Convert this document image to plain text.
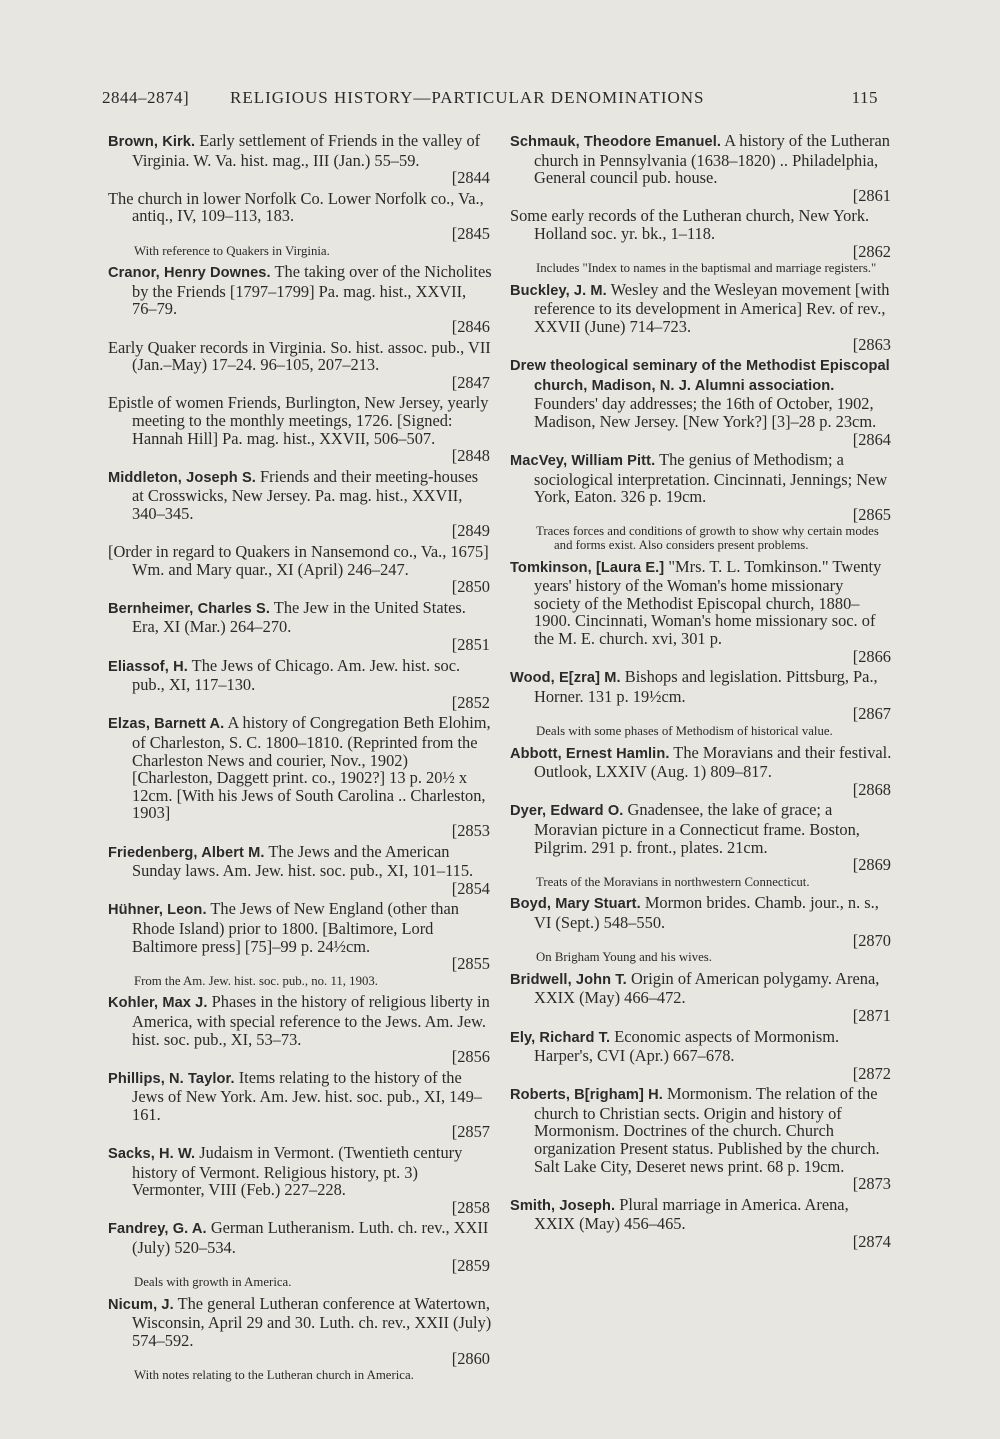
2844–2874] RELIGIOUS HISTORY—PARTICULAR DENOMINATIONS	115
Brown, Kirk. Early settlement of Friends in the valley of Virginia. W. Va. hist. mag., III (Jan.) 55–59.
[2844
The church in lower Norfolk Co. Lower Norfolk co., Va., antiq., IV, 109–113, 183.
[2845
With reference to Quakers in Virginia.
Cranor, Henry Downes. The taking over of the Nicholites by the Friends [1797–1799] Pa. mag. hist., XXVII, 76–79.
[2846
Early Quaker records in Virginia. So. hist. assoc. pub., VII (Jan.–May) 17–24. 96–105, 207–213.
[2847
Epistle of women Friends, Burlington, New Jersey, yearly meeting to the monthly meetings, 1726. [Signed: Hannah Hill] Pa. mag. hist., XXVII, 506–507.
[2848
Middleton, Joseph S. Friends and their meeting-houses at Crosswicks, New Jersey. Pa. mag. hist., XXVII, 340–345.
[2849
[Order in regard to Quakers in Nansemond co., Va., 1675] Wm. and Mary quar., XI (April) 246–247.
[2850
Bernheimer, Charles S. The Jew in the United States. Era, XI (Mar.) 264–270.
[2851
Eliassof, H. The Jews of Chicago. Am. Jew. hist. soc. pub., XI, 117–130.
[2852
Elzas, Barnett A. A history of Congregation Beth Elohim, of Charleston, S. C. 1800–1810. (Reprinted from the Charleston News and courier, Nov., 1902) [Charleston, Daggett print. co., 1902?] 13 p. 20½ x 12cm. [With his Jews of South Carolina .. Charleston, 1903]
[2853
Friedenberg, Albert M. The Jews and the American Sunday laws. Am. Jew. hist. soc. pub., XI, 101–115.
[2854
Hühner, Leon. The Jews of New England (other than Rhode Island) prior to 1800. [Baltimore, Lord Baltimore press] [75]–99 p. 24½cm.
[2855
From the Am. Jew. hist. soc. pub., no. 11, 1903.
Kohler, Max J. Phases in the history of religious liberty in America, with special reference to the Jews. Am. Jew. hist. soc. pub., XI, 53–73.
[2856
Phillips, N. Taylor. Items relating to the history of the Jews of New York. Am. Jew. hist. soc. pub., XI, 149–161.
[2857
Sacks, H. W. Judaism in Vermont. (Twentieth century history of Vermont. Religious history, pt. 3) Vermonter, VIII (Feb.) 227–228.
[2858
Fandrey, G. A. German Lutheranism. Luth. ch. rev., XXII (July) 520–534.
[2859
Deals with growth in America.
Nicum, J. The general Lutheran conference at Watertown, Wisconsin, April 29 and 30. Luth. ch. rev., XXII (July) 574–592.
[2860
With notes relating to the Lutheran church in America.
Schmauk, Theodore Emanuel. A history of the Lutheran church in Pennsylvania (1638–1820) .. Philadelphia, General council pub. house.
[2861
Some early records of the Lutheran church, New York. Holland soc. yr. bk., 1–118.
[2862
Includes "Index to names in the baptismal and marriage registers."
Buckley, J. M. Wesley and the Wesleyan movement [with reference to its development in America] Rev. of rev., XXVII (June) 714–723.
[2863
Drew theological seminary of the Methodist Episcopal church, Madison, N. J. Alumni association. Founders' day addresses; the 16th of October, 1902, Madison, New Jersey. [New York?] [3]–28 p. 23cm.
[2864
MacVey, William Pitt. The genius of Methodism; a sociological interpretation. Cincinnati, Jennings; New York, Eaton. 326 p. 19cm.
[2865
Traces forces and conditions of growth to show why certain modes and forms exist. Also considers present problems.
Tomkinson, [Laura E.] "Mrs. T. L. Tomkinson." Twenty years' history of the Woman's home missionary society of the Methodist Episcopal church, 1880–1900. Cincinnati, Woman's home missionary soc. of the M. E. church. xvi, 301 p.
[2866
Wood, E[zra] M. Bishops and legislation. Pittsburg, Pa., Horner. 131 p. 19½cm.
[2867
Deals with some phases of Methodism of historical value.
Abbott, Ernest Hamlin. The Moravians and their festival. Outlook, LXXIV (Aug. 1) 809–817.
[2868
Dyer, Edward O. Gnadensee, the lake of grace; a Moravian picture in a Connecticut frame. Boston, Pilgrim. 291 p. front., plates. 21cm.
[2869
Treats of the Moravians in northwestern Connecticut.
Boyd, Mary Stuart. Mormon brides. Chamb. jour., n. s., VI (Sept.) 548–550.
[2870
On Brigham Young and his wives.
Bridwell, John T. Origin of American polygamy. Arena, XXIX (May) 466–472.
[2871
Ely, Richard T. Economic aspects of Mormonism. Harper's, CVI (Apr.) 667–678.
[2872
Roberts, B[righam] H. Mormonism. The relation of the church to Christian sects. Origin and history of Mormonism. Doctrines of the church. Church organization Present status. Published by the church. Salt Lake City, Deseret news print. 68 p. 19cm.
[2873
Smith, Joseph. Plural marriage in America. Arena, XXIX (May) 456–465.
[2874
